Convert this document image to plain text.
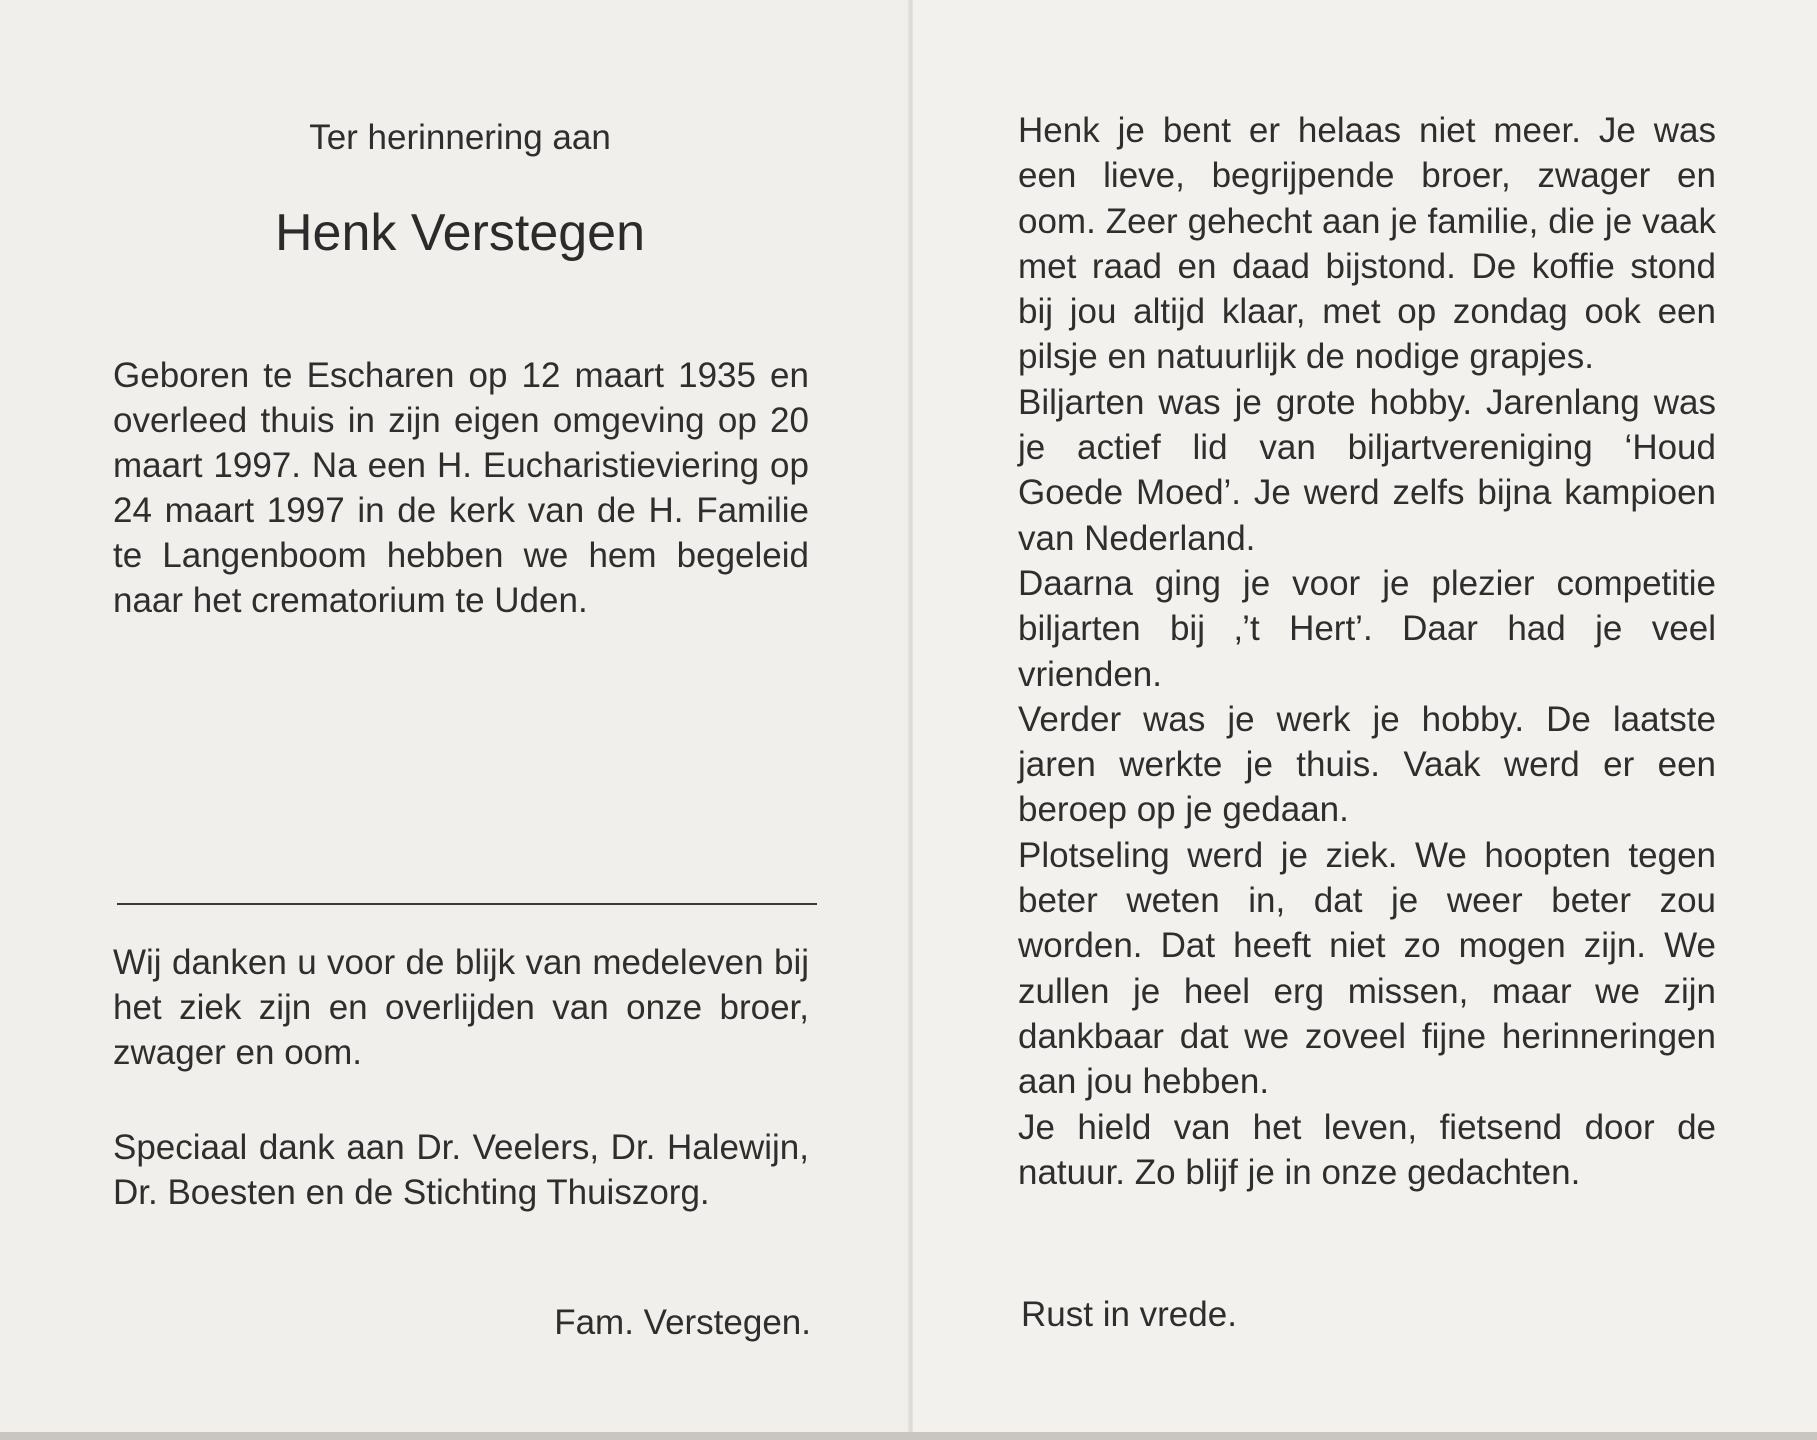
Ter herinnering aan
Henk Verstegen

Geboren te Escharen op 12 maart 1935 en overleed thuis in zijn eigen omgeving op 20 maart 1997. Na een H. Eucharistieviering op 24 maart 1997 in de kerk van de H. Familie te Langenboom hebben we hem begeleid naar het crematorium te Uden.

Wij danken u voor de blijk van medeleven bij het ziek zijn en overlijden van onze broer, zwager en oom.

Speciaal dank aan Dr. Veelers, Dr. Halewijn, Dr. Boesten en de Stichting Thuiszorg.

Fam. Verstegen.

Henk je bent er helaas niet meer. Je was een lieve, begrijpende broer, zwager en oom. Zeer gehecht aan je familie, die je vaak met raad en daad bijstond. De koffie stond bij jou altijd klaar, met op zondag ook een pilsje en natuurlijk de nodige grapjes.

Biljarten was je grote hobby. Jarenlang was je actief lid van biljartvereniging ‘Houd Goede Moed’. Je werd zelfs bijna kampioen van Nederland.

Daarna ging je voor je plezier competitie biljarten bij ‚’t Hert’. Daar had je veel vrienden.

Verder was je werk je hobby. De laatste jaren werkte je thuis. Vaak werd er een beroep op je gedaan.

Plotseling werd je ziek. We hoopten tegen beter weten in, dat je weer beter zou worden. Dat heeft niet zo mogen zijn. We zullen je heel erg missen, maar we zijn dankbaar dat we zoveel fijne herinneringen aan jou hebben.

Je hield van het leven, fietsend door de natuur. Zo blijf je in onze gedachten.

Rust in vrede.
